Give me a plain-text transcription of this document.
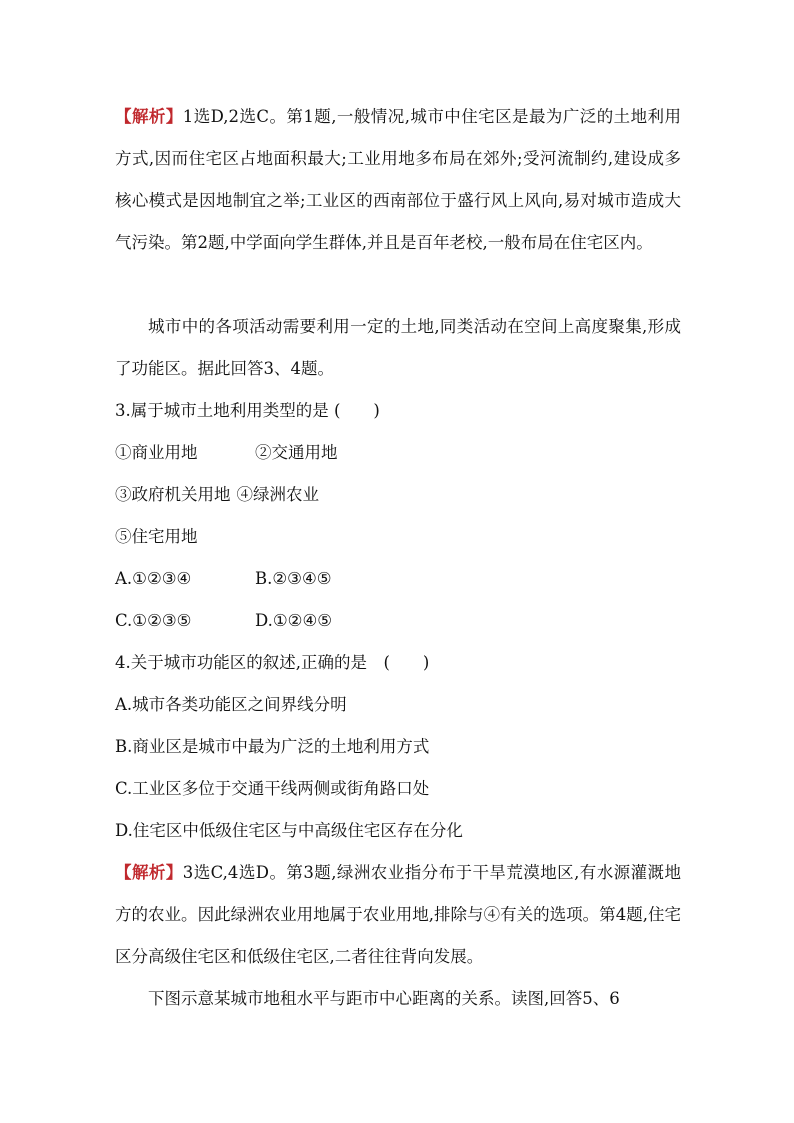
【解析】1选D,2选C。第1题,一般情况,城市中住宅区是最为广泛的土地利用方式,因而住宅区占地面积最大;工业用地多布局在郊外;受河流制约,建设成多核心模式是因地制宜之举;工业区的西南部位于盛行风上风向,易对城市造成大气污染。第2题,中学面向学生群体,并且是百年老校,一般布局在住宅区内。
城市中的各项活动需要利用一定的土地,同类活动在空间上高度聚集,形成了功能区。据此回答3、4题。
3.属于城市土地利用类型的是 (　　)
①商业用地	②交通用地
③政府机关用地 ④绿洲农业
⑤住宅用地
A.①②③④	B.②③④⑤
C.①②③⑤	D.①②④⑤
4.关于城市功能区的叙述,正确的是　(　　)
A.城市各类功能区之间界线分明
B.商业区是城市中最为广泛的土地利用方式
C.工业区多位于交通干线两侧或街角路口处
D.住宅区中低级住宅区与中高级住宅区存在分化
【解析】3选C,4选D。第3题,绿洲农业指分布于干旱荒漠地区,有水源灌溉地方的农业。因此绿洲农业用地属于农业用地,排除与④有关的选项。第4题,住宅区分高级住宅区和低级住宅区,二者往往背向发展。
下图示意某城市地租水平与距市中心距离的关系。读图,回答5、6
